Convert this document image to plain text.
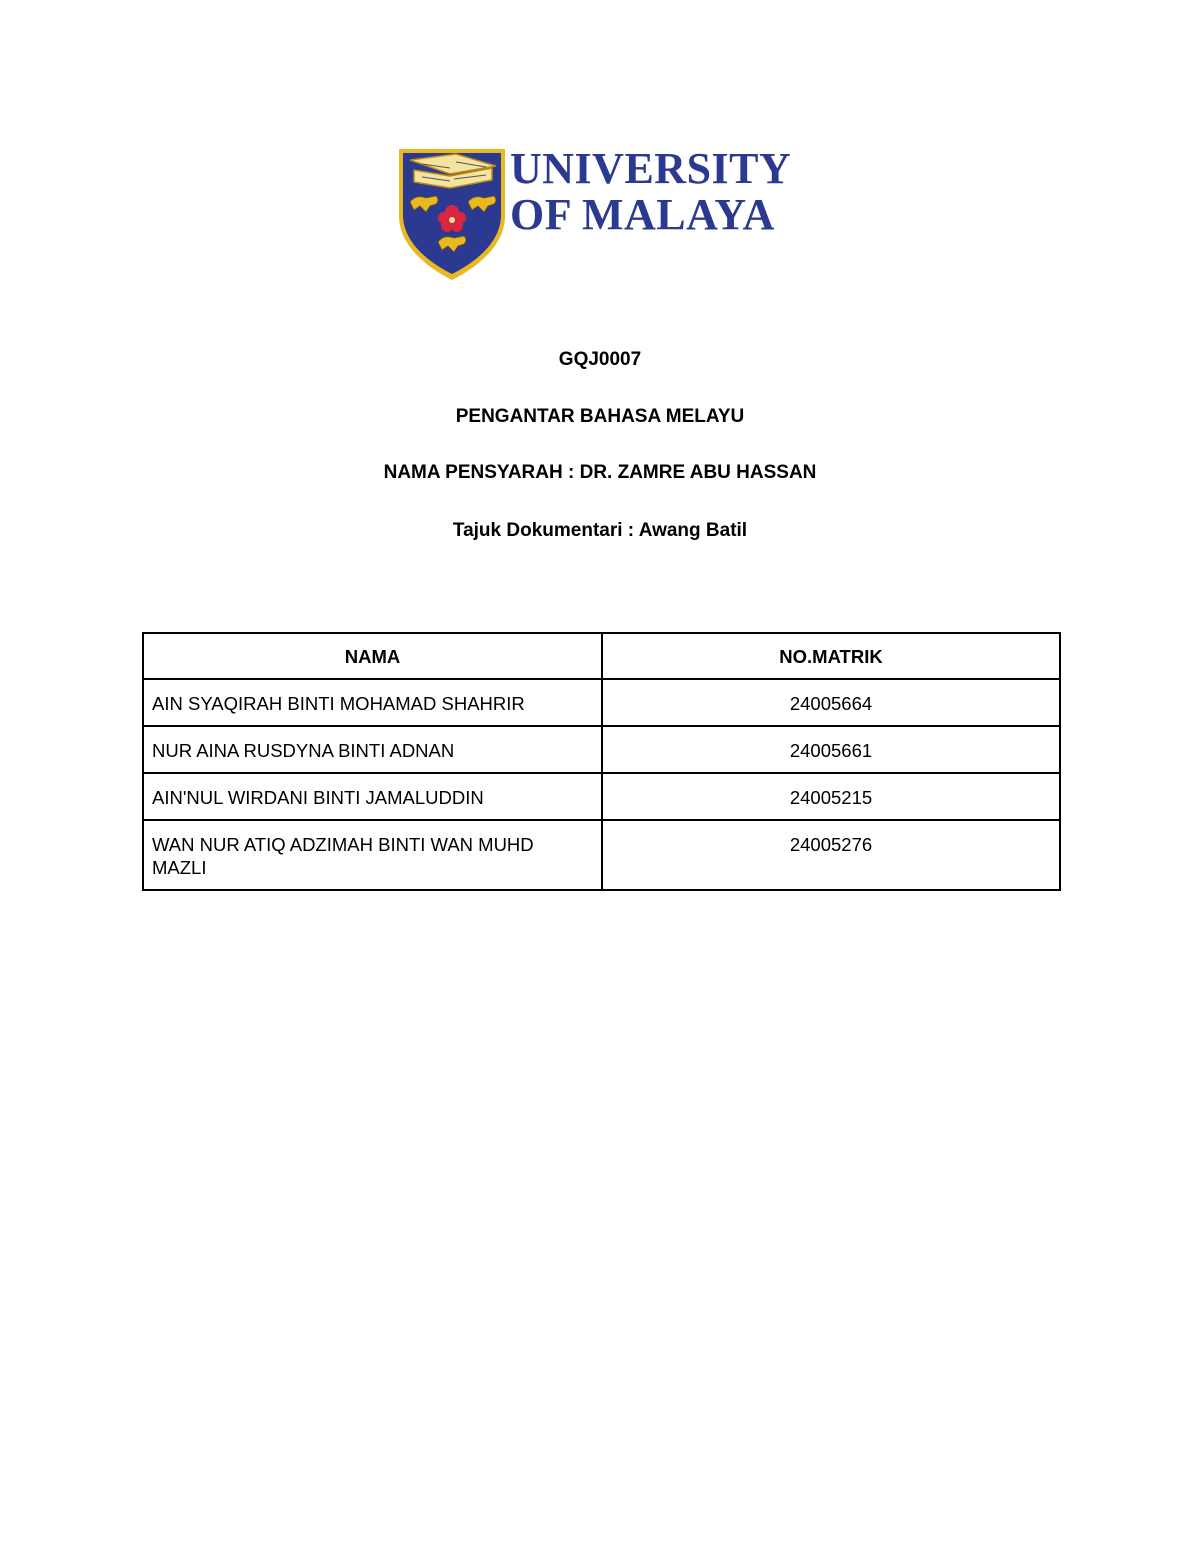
UNIVERSITY
OF MALAYA
GQJ0007
PENGANTAR BAHASA MELAYU
NAMA PENSYARAH : DR. ZAMRE ABU HASSAN
Tajuk Dokumentari : Awang Batil
NAMA	NO.MATRIK
AIN SYAQIRAH BINTI MOHAMAD SHAHRIR	24005664
NUR AINA RUSDYNA BINTI ADNAN	24005661
AIN'NUL WIRDANI BINTI JAMALUDDIN	24005215
WAN NUR ATIQ ADZIMAH BINTI WAN MUHD MAZLI	24005276
